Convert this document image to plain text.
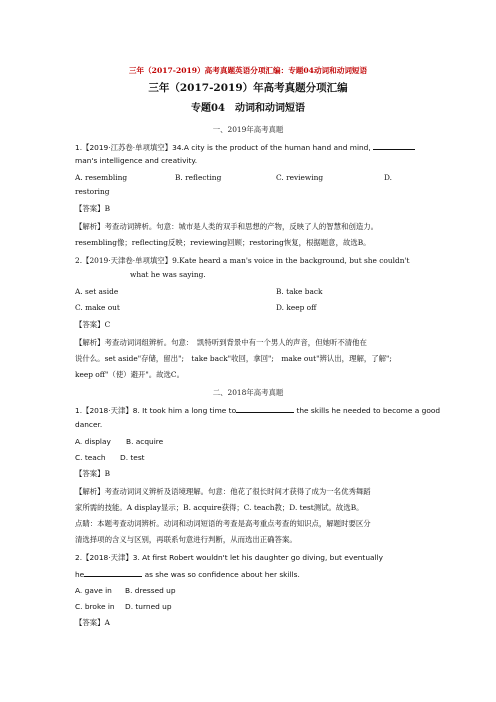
三年（2017-2019）高考真题英语分项汇编：专题04动词和动词短语
三年（2017-2019）年高考真题分项汇编
专题04　动词和动词短语
一、2019年高考真题
1.【2019·江苏卷·单项填空】34.A city is the product of the human hand and mind,
man's intelligence and creativity.
A. resembling	B. reflecting	C. reviewing	D.
restoring
【答案】B
【解析】考查动词辨析。句意：城市是人类的双手和思想的产物，反映了人的智慧和创造力。
resembling像；reflecting反映；reviewing回顾；restoring恢复，根据题意，故选B。
2.【2019·天津卷·单项填空】9.Kate heard a man's voice in the background, but she couldn't
what he was saying.
A. set aside	B. take back
C. make out	D. keep off
【答案】C
【解析】考查动词词组辨析。句意：　凯特听到背景中有一个男人的声音，但她听不清他在
说什么。set aside"存储，留出";　take back"收回，拿回";　make out"辨认出，理解，了解";
keep off"（使）避开"。故选C。
二、2018年高考真题
1.【2018·天津】8. It took him a long time to	the skills he needed to become a good
dancer.
A. display B. acquire
C. teach D. test
【答案】B
【解析】考查动词词义辨析及语境理解。句意：他花了很长时间才获得了成为一名优秀舞蹈
家所需的技能。A display显示；B. acquire获得；C. teach教；D. test测试。故选B。
点睛：本题考查动词辨析。动词和动词短语的考查是高考重点考查的知识点，解题时要区分
清选择项的含义与区别，再联系句意进行判断，从而选出正确答案。
2.【2018·天津】3. At first Robert wouldn't let his daughter go diving, but eventually
he	as she was so confidence about her skills.
A. gave in B. dressed up
C. broke in D. turned up
【答案】A
